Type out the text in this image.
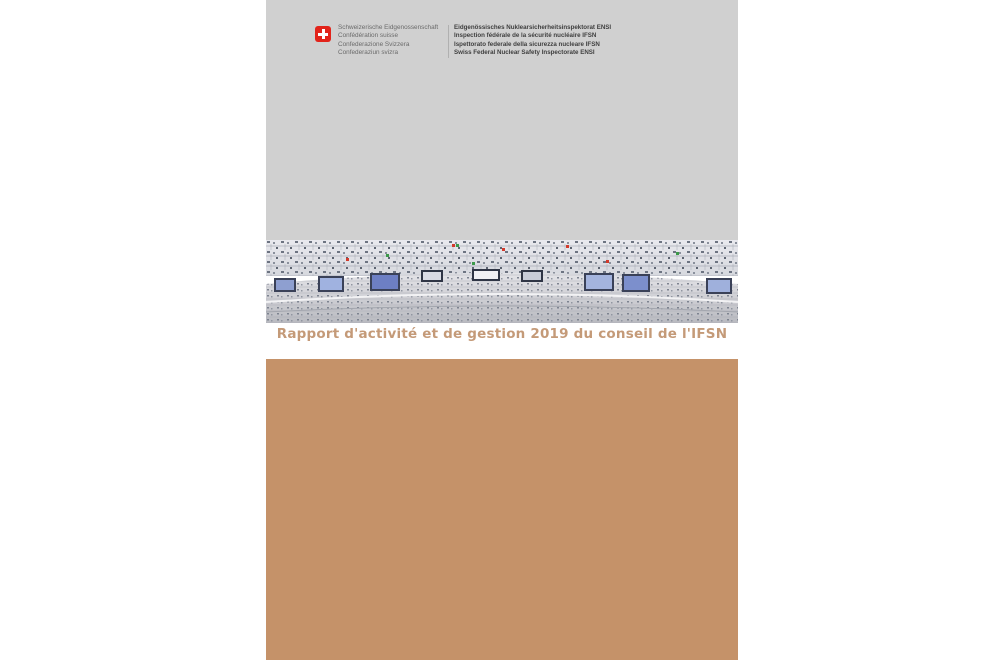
Schweizerische Eidgenossenschaft
Confédération suisse
Confederazione Svizzera
Confederaziun svizra
Eidgenössisches Nuklearsicherheitsinspektorat ENSI
Inspection fédérale de la sécurité nucléaire IFSN
Ispettorato federale della sicurezza nucleare IFSN
Swiss Federal Nuclear Safety Inspectorate ENSI
Rapport d'activité et de gestion 2019 du conseil de l'IFSN
